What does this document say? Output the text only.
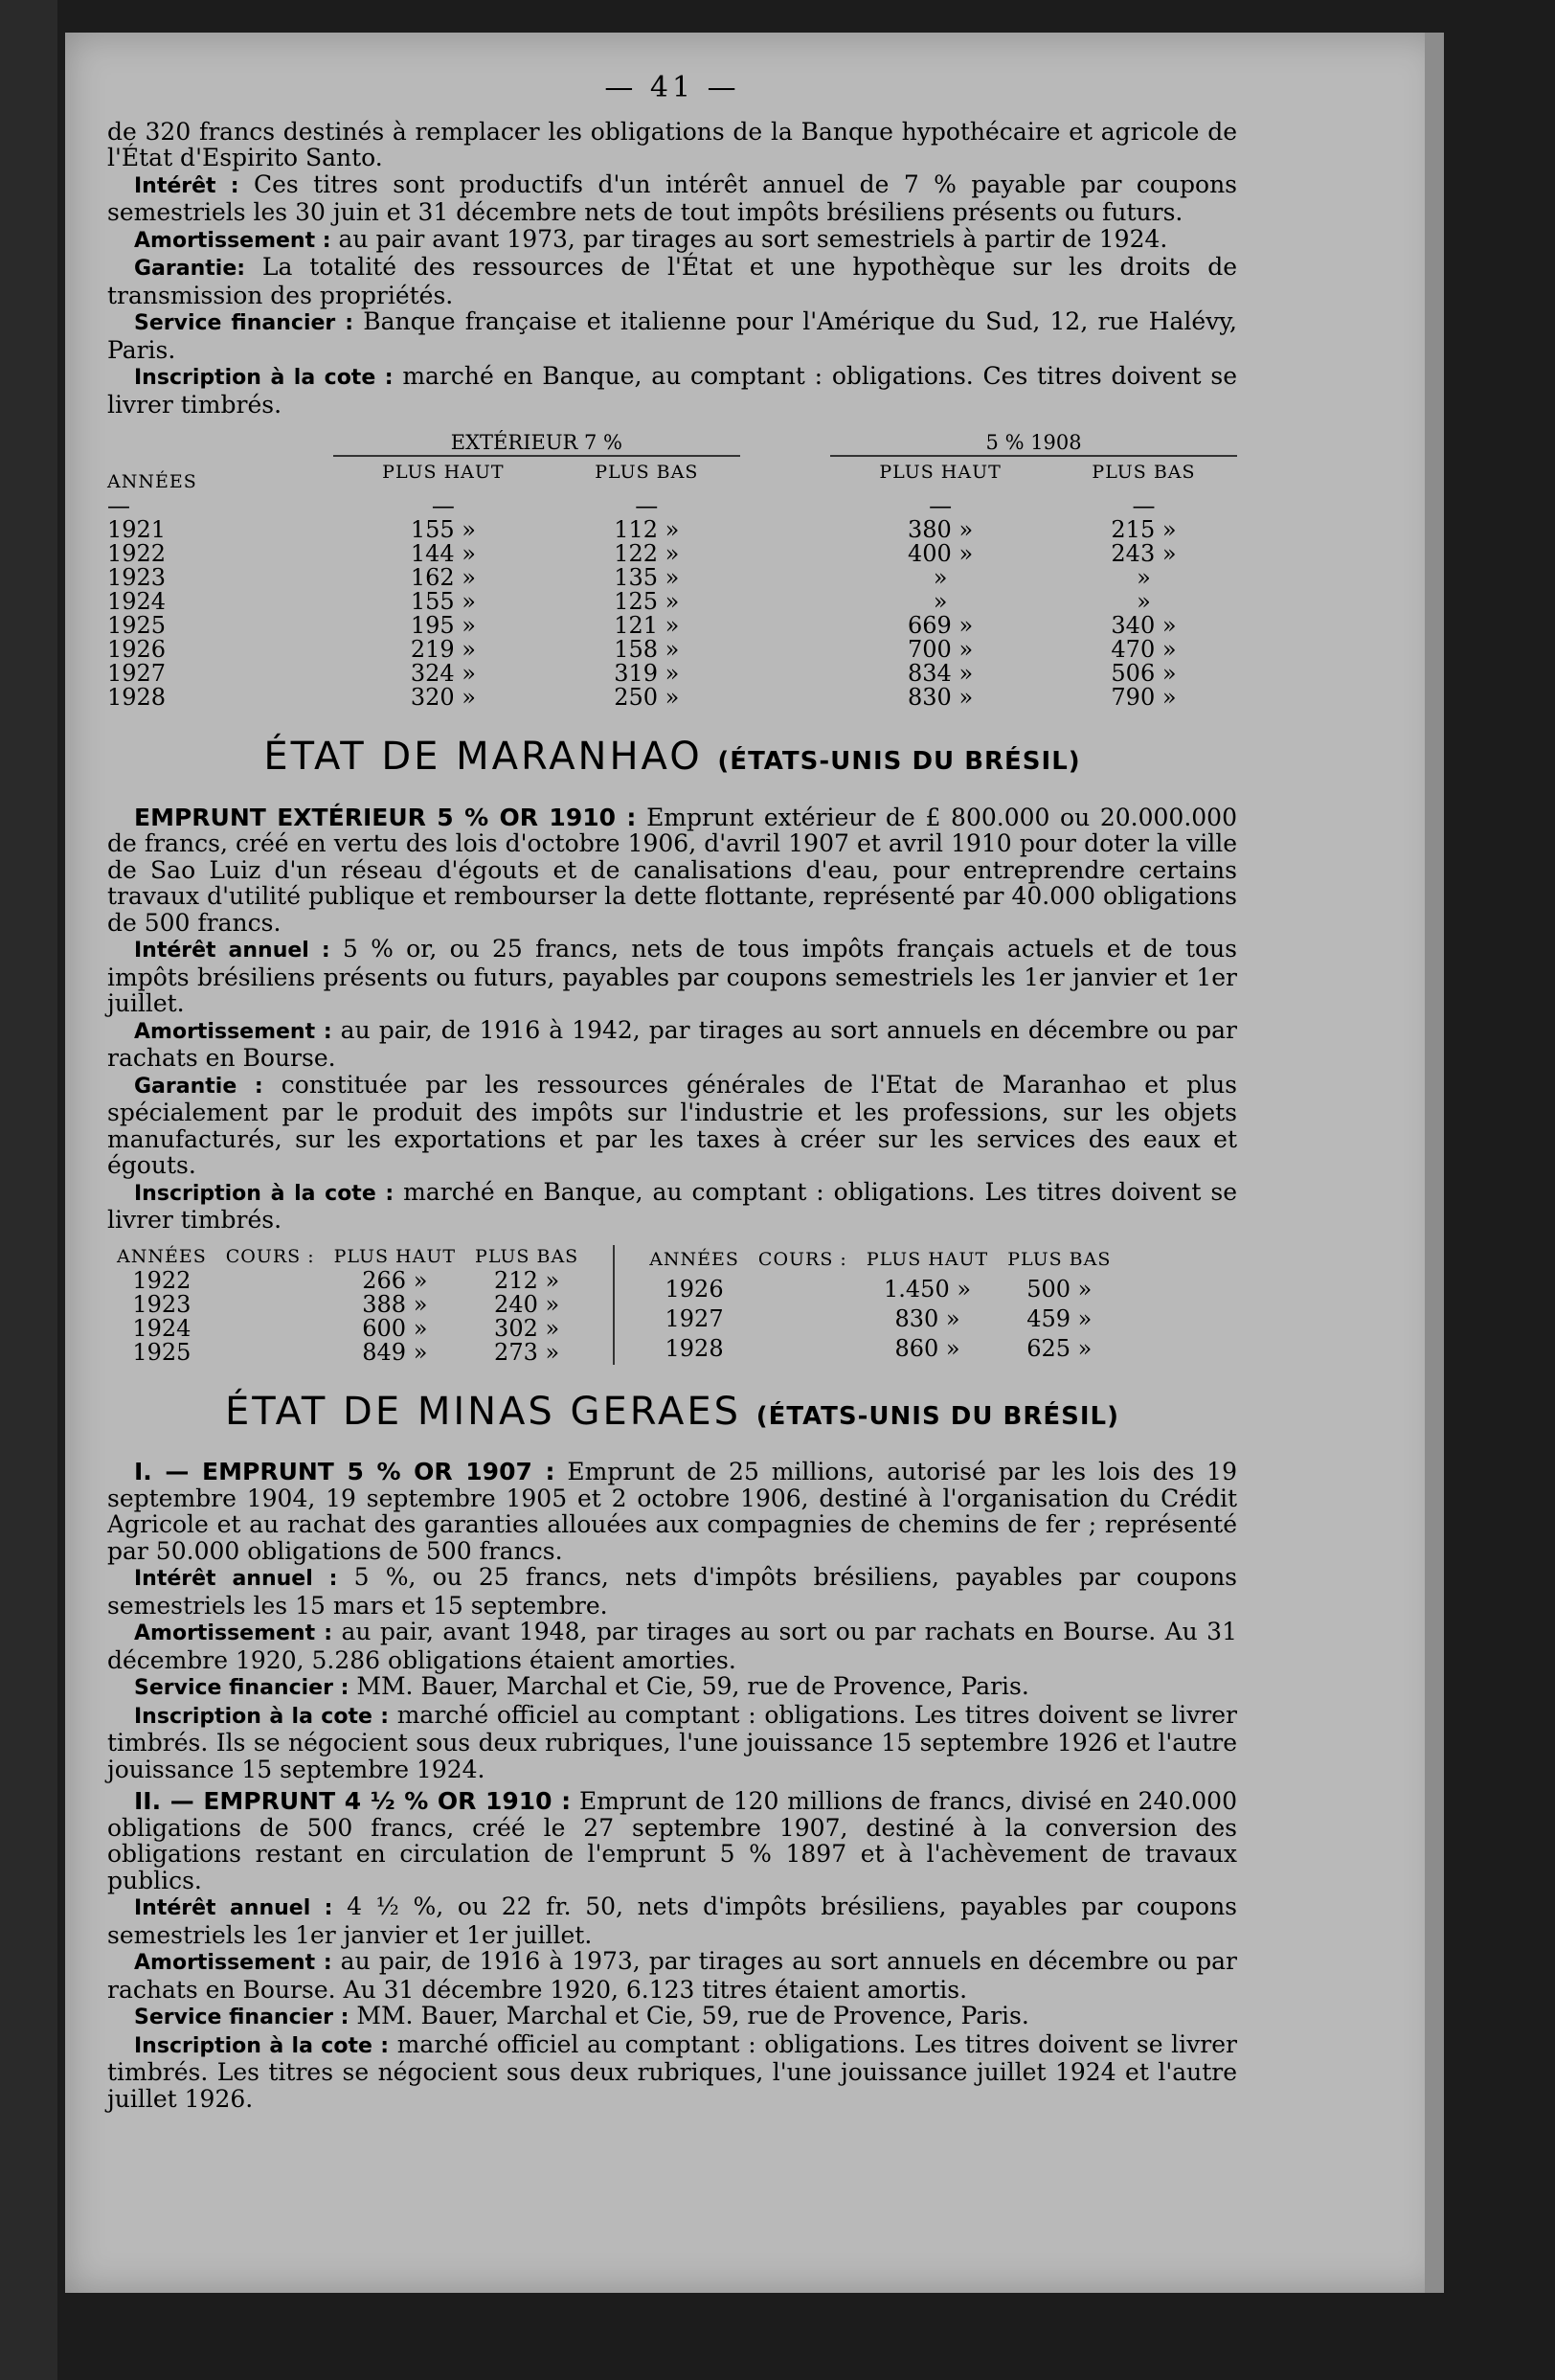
— 41 —

de 320 francs destinés à remplacer les obligations de la Banque hypothécaire et agricole de l'État d'Espirito Santo.

Intérêt : Ces titres sont productifs d'un intérêt annuel de 7 % payable par coupons semestriels les 30 juin et 31 décembre nets de tout impôts brésiliens présents ou futurs.

Amortissement : au pair avant 1973, par tirages au sort semestriels à partir de 1924.

Garantie: La totalité des ressources de l'État et une hypothèque sur les droits de transmission des propriétés.

Service financier : Banque française et italienne pour l'Amérique du Sud, 12, rue Halévy, Paris.

Inscription à la cote : marché en Banque, au comptant : obligations. Ces titres doivent se livrer timbrés.

	EXTÉRIEUR 7 %			5 % 1908	

ANNÉES	PLUS HAUT	PLUS BAS		PLUS HAUT	PLUS BAS
—	—	—		—	—
1921	155 »	112 »		380 »	215 »
1922	144 »	122 »		400 »	243 »
1923	162 »	135 »		»	»
1924	155 »	125 »		»	»
1925	195 »	121 »		669 »	340 »
1926	219 »	158 »		700 »	470 »
1927	324 »	319 »		834 »	506 »
1928	320 »	250 »		830 »	790 »
ÉTAT DE MARANHAO (ÉTATS-UNIS DU BRÉSIL)

EMPRUNT EXTÉRIEUR 5 % OR 1910 : Emprunt extérieur de £ 800.000 ou 20.000.000 de francs, créé en vertu des lois d'octobre 1906, d'avril 1907 et avril 1910 pour doter la ville de Sao Luiz d'un réseau d'égouts et de canalisations d'eau, pour entreprendre certains travaux d'utilité publique et rembourser la dette flottante, représenté par 40.000 obligations de 500 francs.

Intérêt annuel : 5 % or, ou 25 francs, nets de tous impôts français actuels et de tous impôts brésiliens présents ou futurs, payables par coupons semestriels les 1er janvier et 1er juillet.

Amortissement : au pair, de 1916 à 1942, par tirages au sort annuels en décembre ou par rachats en Bourse.

Garantie : constituée par les ressources générales de l'Etat de Maranhao et plus spécialement par le produit des impôts sur l'industrie et les professions, sur les objets manufacturés, sur les exportations et par les taxes à créer sur les services des eaux et égouts.

Inscription à la cote : marché en Banque, au comptant : obligations. Les titres doivent se livrer timbrés.

ANNÉES	COURS :	PLUS HAUT	PLUS BAS
1922		266 »	212 »
1923		388 »	240 »
1924		600 »	302 »
1925		849 »	273 »
ANNÉES	COURS :	PLUS HAUT	PLUS BAS
1926		1.450 »	500 »
1927		830 »	459 »
1928		860 »	625 »
ÉTAT DE MINAS GERAES (ÉTATS-UNIS DU BRÉSIL)

I. — EMPRUNT 5 % OR 1907 : Emprunt de 25 millions, autorisé par les lois des 19 septembre 1904, 19 septembre 1905 et 2 octobre 1906, destiné à l'organisation du Crédit Agricole et au rachat des garanties allouées aux compagnies de chemins de fer ; représenté par 50.000 obligations de 500 francs.

Intérêt annuel : 5 %, ou 25 francs, nets d'impôts brésiliens, payables par coupons semestriels les 15 mars et 15 septembre.

Amortissement : au pair, avant 1948, par tirages au sort ou par rachats en Bourse. Au 31 décembre 1920, 5.286 obligations étaient amorties.

Service financier : MM. Bauer, Marchal et Cie, 59, rue de Provence, Paris.

Inscription à la cote : marché officiel au comptant : obligations. Les titres doivent se livrer timbrés. Ils se négocient sous deux rubriques, l'une jouissance 15 septembre 1926 et l'autre jouissance 15 septembre 1924.

II. — EMPRUNT 4 ½ % OR 1910 : Emprunt de 120 millions de francs, divisé en 240.000 obligations de 500 francs, créé le 27 septembre 1907, destiné à la conversion des obligations restant en circulation de l'emprunt 5 % 1897 et à l'achèvement de travaux publics.

Intérêt annuel : 4 ½ %, ou 22 fr. 50, nets d'impôts brésiliens, payables par coupons semestriels les 1er janvier et 1er juillet.

Amortissement : au pair, de 1916 à 1973, par tirages au sort annuels en décembre ou par rachats en Bourse. Au 31 décembre 1920, 6.123 titres étaient amortis.

Service financier : MM. Bauer, Marchal et Cie, 59, rue de Provence, Paris.

Inscription à la cote : marché officiel au comptant : obligations. Les titres doivent se livrer timbrés. Les titres se négocient sous deux rubriques, l'une jouissance juillet 1924 et l'autre juillet 1926.
